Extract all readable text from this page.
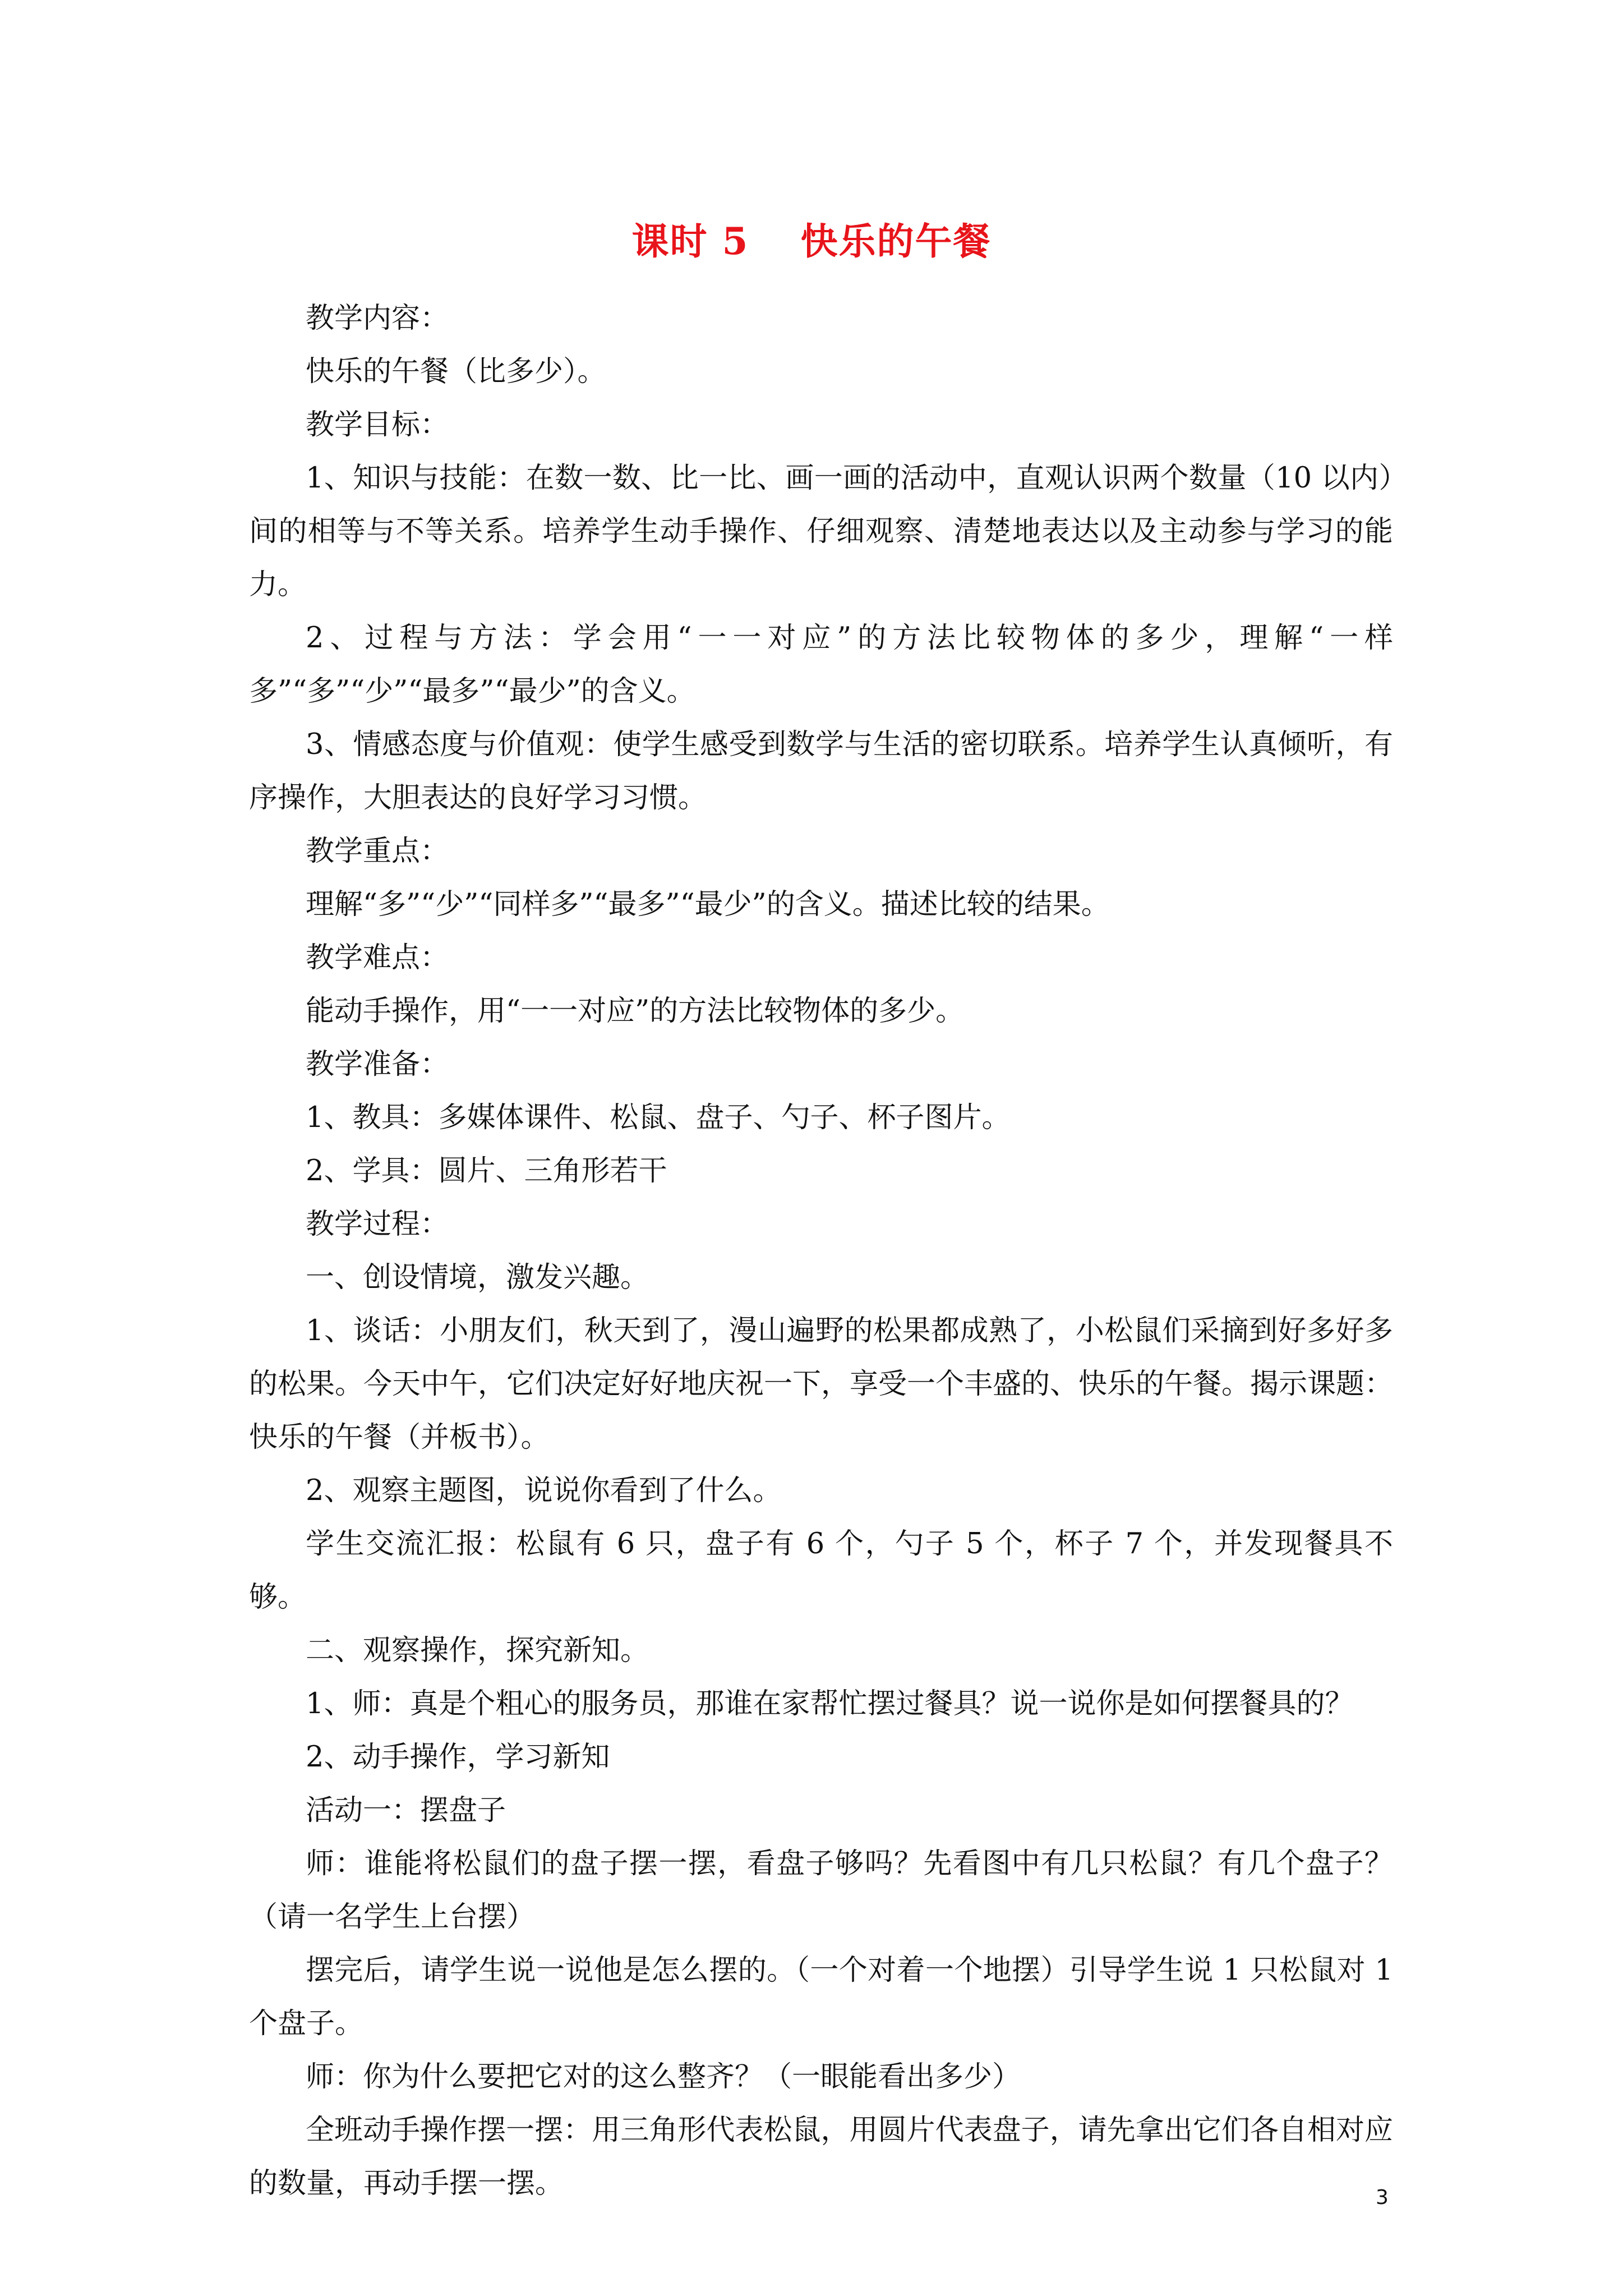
课时 5 快乐的午餐

教学内容：

快乐的午餐（比多少）。

教学目标：

1、知识与技能：在数一数、比一比、画一画的活动中，直观认识两个数量（10 以内）间的相等与不等关系。培养学生动手操作、仔细观察、清楚地表达以及主动参与学习的能力。

2、过程与方法：学会用“一一对应”的方法比较物体的多少，理解“一样多”“多”“少”“最多”“最少”的含义。

3、情感态度与价值观：使学生感受到数学与生活的密切联系。培养学生认真倾听，有序操作，大胆表达的良好学习习惯。

教学重点：

理解“多”“少”“同样多”“最多”“最少”的含义。描述比较的结果。

教学难点：

能动手操作，用“一一对应”的方法比较物体的多少。

教学准备：

1、教具：多媒体课件、松鼠、盘子、勺子、杯子图片。

2、学具：圆片、三角形若干

教学过程：

一、创设情境，激发兴趣。

1、谈话：小朋友们，秋天到了，漫山遍野的松果都成熟了，小松鼠们采摘到好多好多的松果。今天中午，它们决定好好地庆祝一下，享受一个丰盛的、快乐的午餐。揭示课题：快乐的午餐（并板书）。

2、观察主题图，说说你看到了什么。

学生交流汇报：松鼠有 6 只，盘子有 6 个，勺子 5 个，杯子 7 个，并发现餐具不够。

二、观察操作，探究新知。

1、师：真是个粗心的服务员，那谁在家帮忙摆过餐具？说一说你是如何摆餐具的？

2、动手操作，学习新知

活动一：摆盘子

师：谁能将松鼠们的盘子摆一摆，看盘子够吗？先看图中有几只松鼠？有几个盘子？（请一名学生上台摆）

摆完后，请学生说一说他是怎么摆的。（一个对着一个地摆）引导学生说 1 只松鼠对 1 个盘子。

师：你为什么要把它对的这么整齐？（一眼能看出多少）

全班动手操作摆一摆：用三角形代表松鼠，用圆片代表盘子，请先拿出它们各自相对应的数量，再动手摆一摆。	3
